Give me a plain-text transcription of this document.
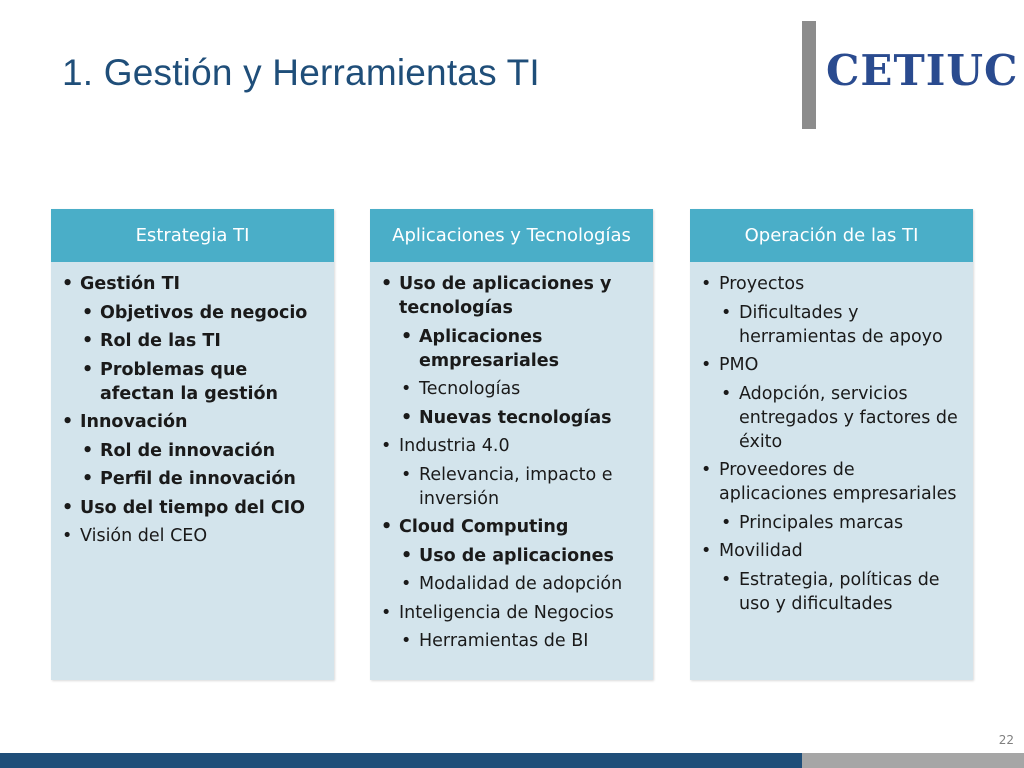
1. Gestión y Herramientas TI	CETIUC
Estrategia TI
• Gestión TI
• Objetivos de negocio
• Rol de las TI
• Problemas que afectan la gestión
• Innovación
• Rol de innovación
• Perfil de innovación
• Uso del tiempo del CIO
• Visión del CEO
Aplicaciones y Tecnologías
• Uso de aplicaciones y tecnologías
• Aplicaciones empresariales
• Tecnologías
• Nuevas tecnologías
• Industria 4.0
• Relevancia, impacto e inversión
• Cloud Computing
• Uso de aplicaciones
• Modalidad de adopción
• Inteligencia de Negocios
• Herramientas de BI
Operación de las TI
• Proyectos
• Dificultades y herramientas de apoyo
• PMO
• Adopción, servicios entregados y factores de éxito
• Proveedores de aplicaciones empresariales
• Principales marcas
• Movilidad
• Estrategia, políticas de uso y dificultades
22
